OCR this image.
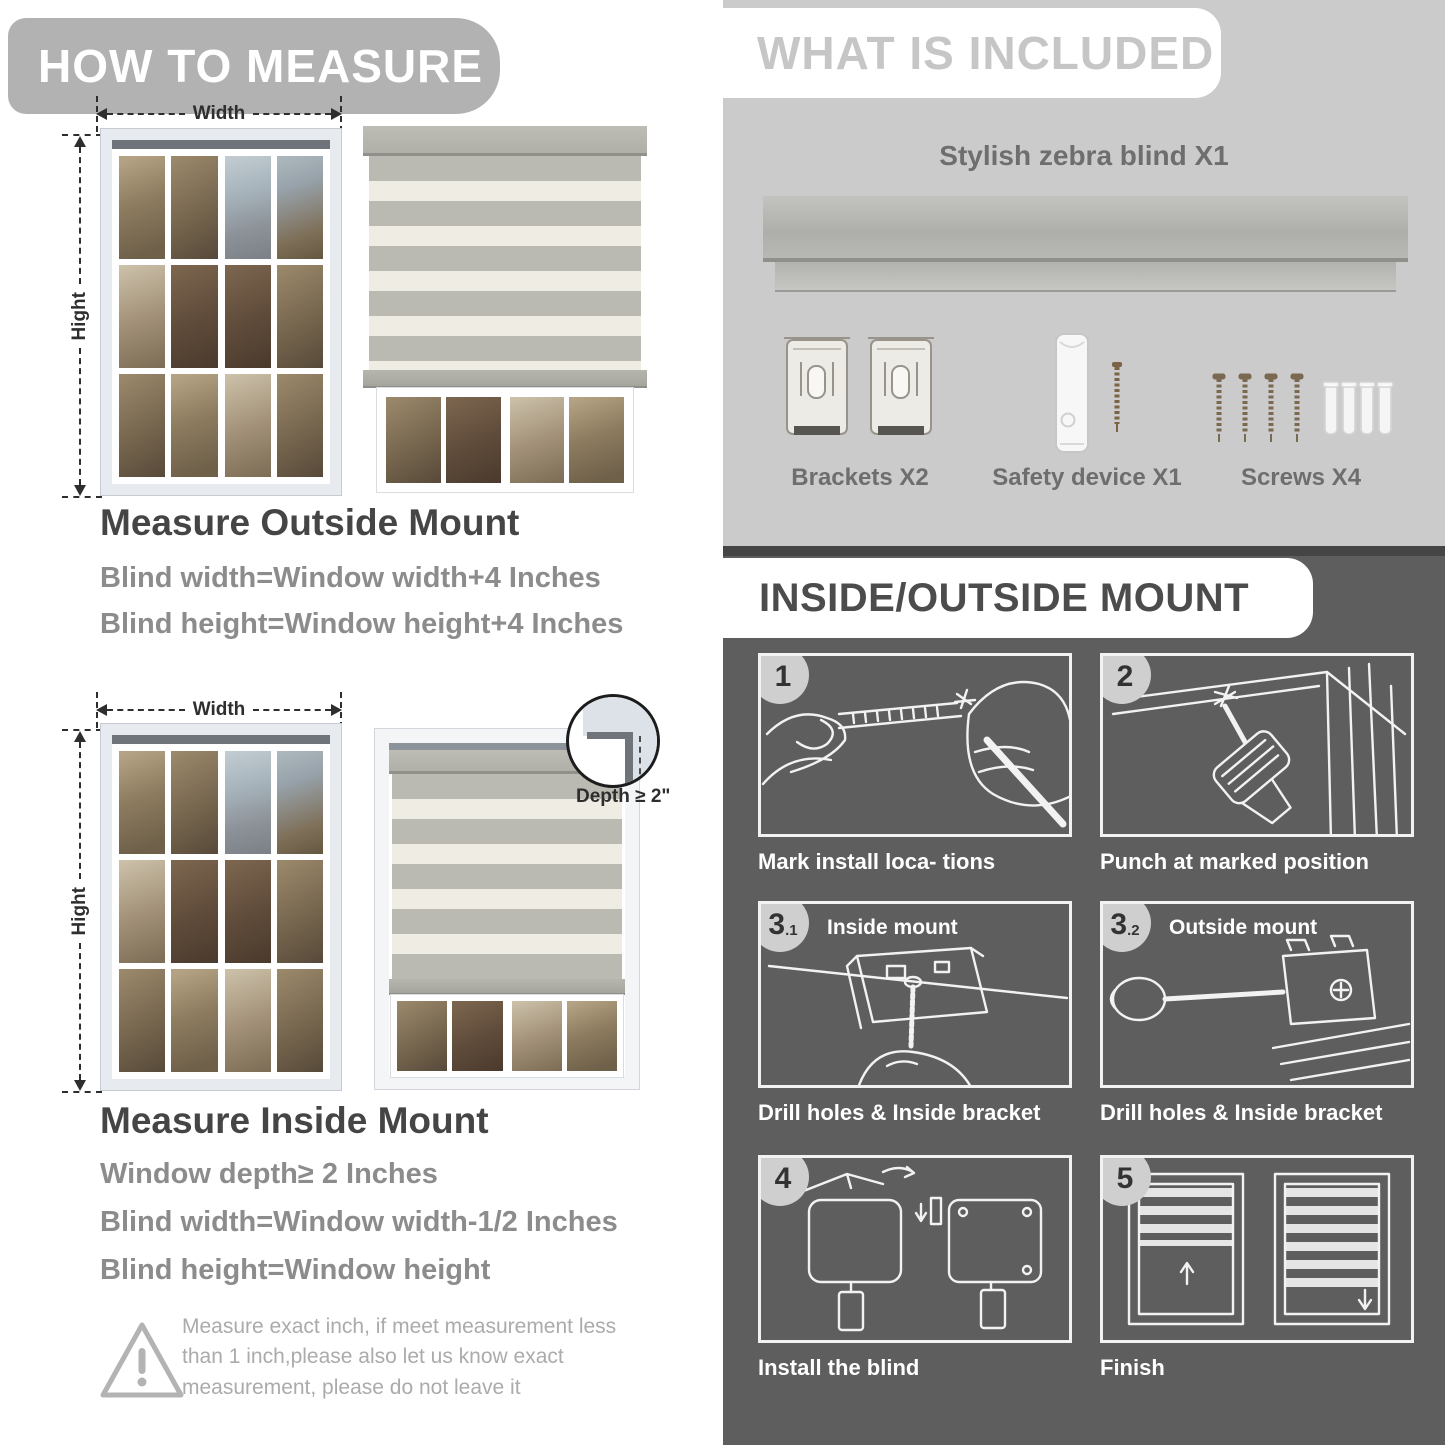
HOW TO MEASURE
Width
Hight
Measure Outside Mount

Blind width=Window width+4 Inches

Blind height=Window height+4 Inches

Width
Hight
Depth ≥ 2"
Measure Inside Mount

Window depth≥ 2 Inches

Blind width=Window width-1/2 Inches

Blind height=Window height

Measure exact inch, if meet measurement less than 1 inch,please also let us know exact measurement, please do not leave it

WHAT IS INCLUDED
Stylish zebra blind X1
Brackets X2	Safety device X1	Screws X4
INSIDE/OUTSIDE MOUNT
1
Mark install loca- tions
2
Punch at marked position
3 .1 Inside mount
Drill holes & Inside bracket
3 .2 Outside mount
Drill holes & Inside bracket
4
Install the blind
5
Finish
